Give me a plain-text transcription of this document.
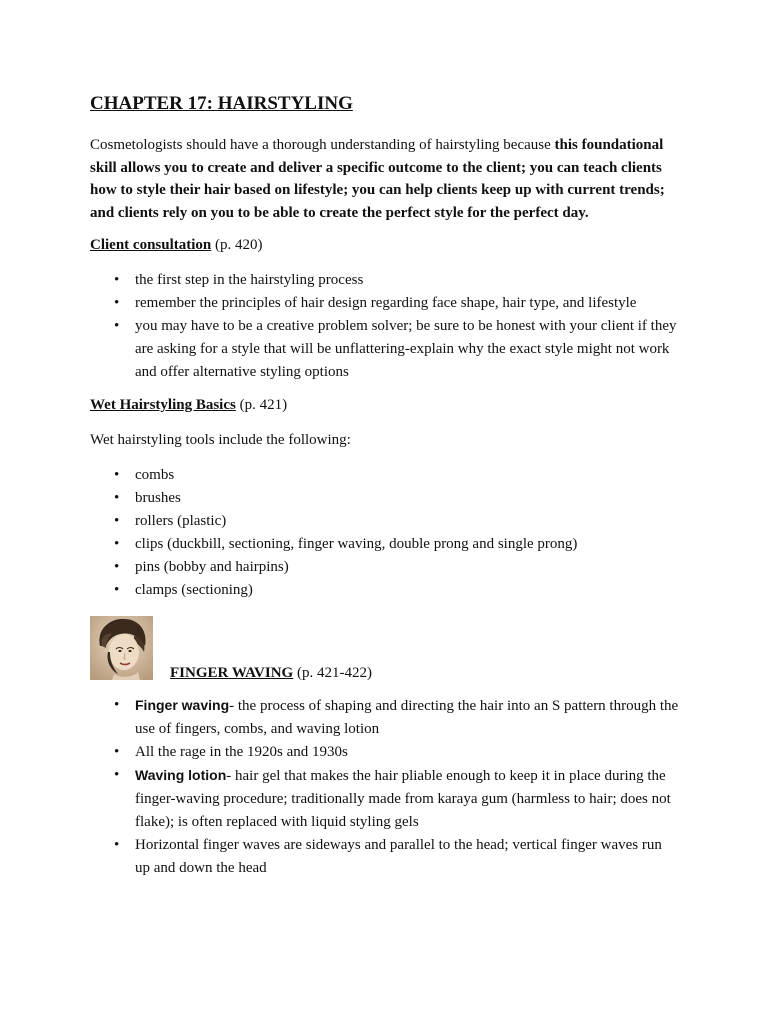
CHAPTER 17: HAIRSTYLING

Cosmetologists should have a thorough understanding of hairstyling because this foundational skill allows you to create and deliver a specific outcome to the client; you can teach clients how to style their hair based on lifestyle; you can help clients keep up with current trends; and clients rely on you to be able to create the perfect style for the perfect day.

Client consultation (p. 420)
• the first step in the hairstyling process
• remember the principles of hair design regarding face shape, hair type, and lifestyle
• you may have to be a creative problem solver; be sure to be honest with your client if they are asking for a style that will be unflattering-explain why the exact style might not work and offer alternative styling options
Wet Hairstyling Basics (p. 421)
Wet hairstyling tools include the following:
• combs
• brushes
• rollers (plastic)
• clips (duckbill, sectioning, finger waving, double prong and single prong)
• pins (bobby and hairpins)
• clamps (sectioning)
FINGER WAVING (p. 421-422)
• Finger waving- the process of shaping and directing the hair into an S pattern through the use of fingers, combs, and waving lotion
• All the rage in the 1920s and 1930s
• Waving lotion- hair gel that makes the hair pliable enough to keep it in place during the finger-waving procedure; traditionally made from karaya gum (harmless to hair; does not flake); is often replaced with liquid styling gels
• Horizontal finger waves are sideways and parallel to the head; vertical finger waves run up and down the head
